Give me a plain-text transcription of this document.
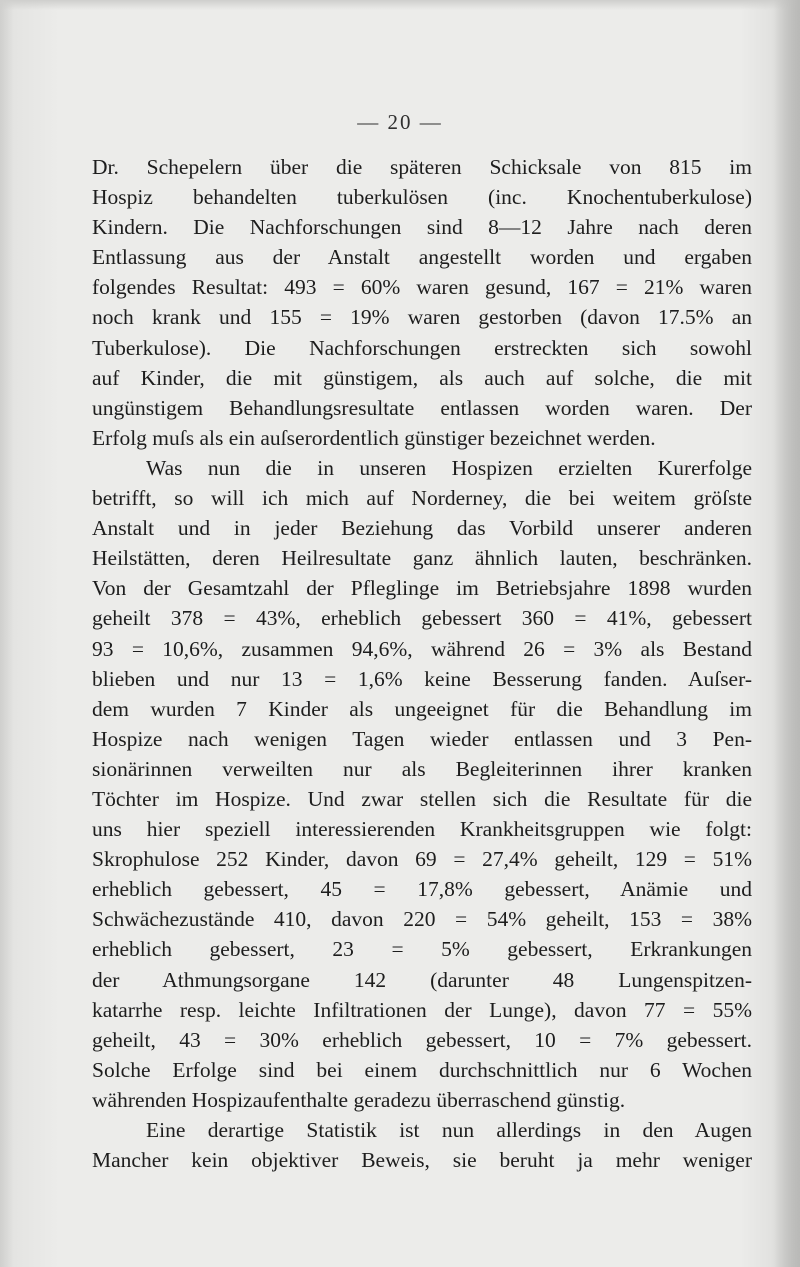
— 20 —
Dr. Schepelern über die späteren Schicksale von 815 im
Hospiz behandelten tuberkulösen (inc. Knochentuberkulose)
Kindern. Die Nachforschungen sind 8—12 Jahre nach deren
Entlassung aus der Anstalt angestellt worden und ergaben
folgendes Resultat: 493 = 60% waren gesund, 167 = 21% waren
noch krank und 155 = 19% waren gestorben (davon 17.5% an
Tuberkulose). Die Nachforschungen erstreckten sich sowohl
auf Kinder, die mit günstigem, als auch auf solche, die mit
ungünstigem Behandlungsresultate entlassen worden waren. Der
Erfolg muſs als ein auſserordentlich günstiger bezeichnet werden.
Was nun die in unseren Hospizen erzielten Kurerfolge
betrifft, so will ich mich auf Norderney, die bei weitem gröſste
Anstalt und in jeder Beziehung das Vorbild unserer anderen
Heilstätten, deren Heilresultate ganz ähnlich lauten, beschränken.
Von der Gesamtzahl der Pfleglinge im Betriebsjahre 1898 wurden
geheilt 378 = 43%, erheblich gebessert 360 = 41%, gebessert
93 = 10,6%, zusammen 94,6%, während 26 = 3% als Bestand
blieben und nur 13 = 1,6% keine Besserung fanden. Auſser-
dem wurden 7 Kinder als ungeeignet für die Behandlung im
Hospize nach wenigen Tagen wieder entlassen und 3 Pen-
sionärinnen verweilten nur als Begleiterinnen ihrer kranken
Töchter im Hospize. Und zwar stellen sich die Resultate für die
uns hier speziell interessierenden Krankheitsgruppen wie folgt:
Skrophulose 252 Kinder, davon 69 = 27,4% geheilt, 129 = 51%
erheblich gebessert, 45 = 17,8% gebessert, Anämie und
Schwächezustände 410, davon 220 = 54% geheilt, 153 = 38%
erheblich gebessert, 23 = 5% gebessert, Erkrankungen
der Athmungsorgane 142 (darunter 48 Lungenspitzen-
katarrhe resp. leichte Infiltrationen der Lunge), davon 77 = 55%
geheilt, 43 = 30% erheblich gebessert, 10 = 7% gebessert.
Solche Erfolge sind bei einem durchschnittlich nur 6 Wochen
währenden Hospizaufenthalte geradezu überraschend günstig.
Eine derartige Statistik ist nun allerdings in den Augen
Mancher kein objektiver Beweis, sie beruht ja mehr weniger
